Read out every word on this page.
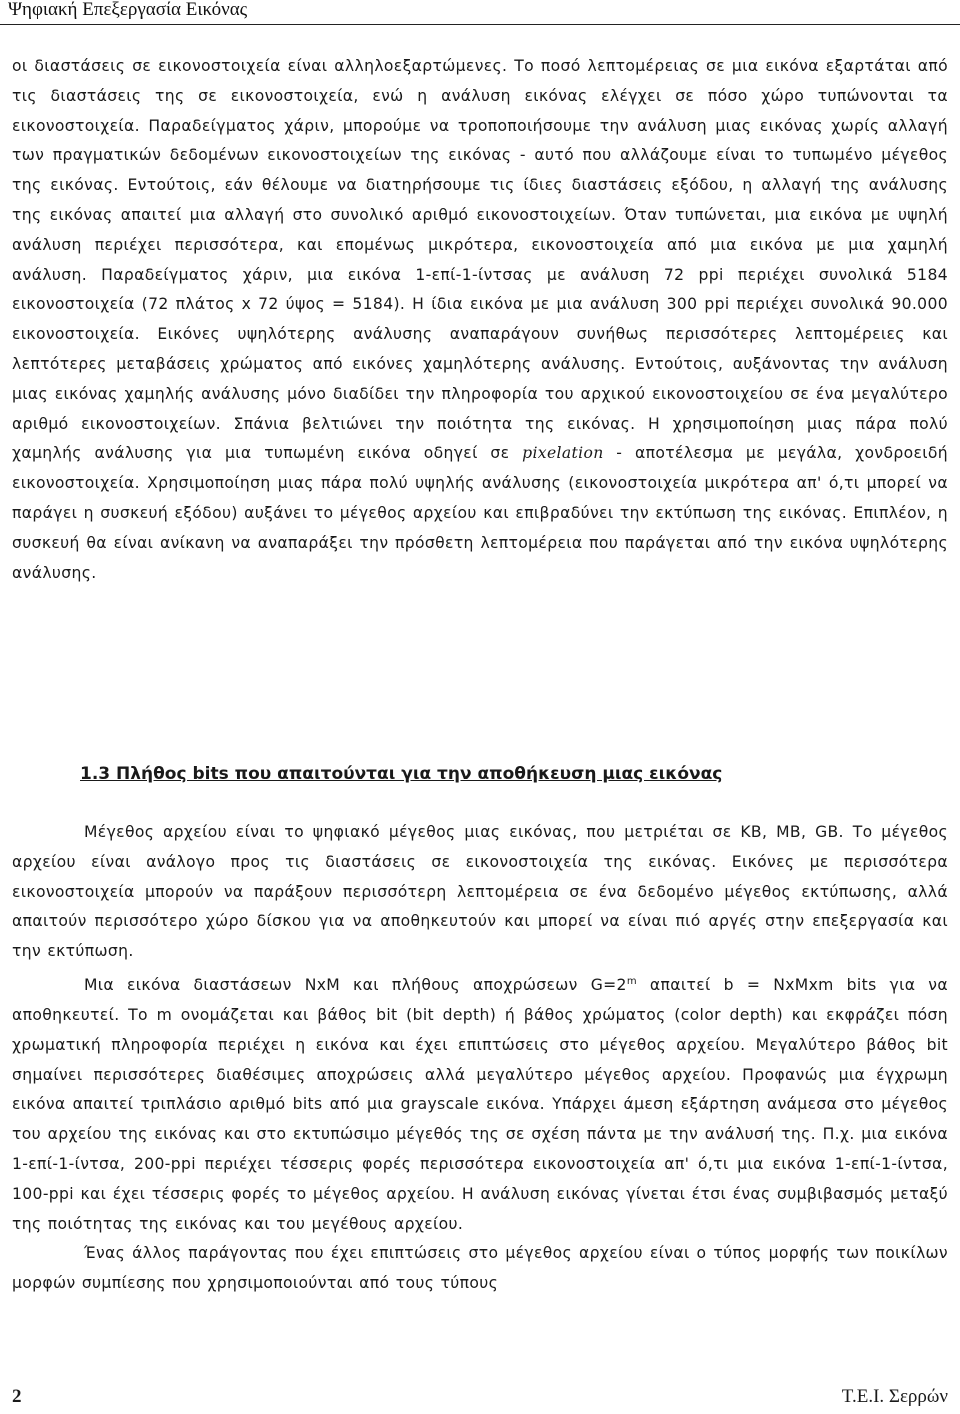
Ψηφιακή Επεξεργασία Εικόνας

οι διαστάσεις σε εικονοστοιχεία είναι αλληλοεξαρτώμενες. Το ποσό λεπτομέρειας σε μια εικόνα εξαρτάται από τις διαστάσεις της σε εικονοστοιχεία, ενώ η ανάλυση εικόνας ελέγχει σε πόσο χώρο τυπώνονται τα εικονοστοιχεία. Παραδείγματος χάριν, μπορούμε να τροποποιήσουμε την ανάλυση μιας εικόνας χωρίς αλλαγή των πραγματικών δεδομένων εικονοστοιχείων της εικόνας - αυτό που αλλάζουμε είναι το τυπωμένο μέγεθος της εικόνας. Εντούτοις, εάν θέλουμε να διατηρήσουμε τις ίδιες διαστάσεις εξόδου, η αλλαγή της ανάλυσης της εικόνας απαιτεί μια αλλαγή στο συνολικό αριθμό εικονοστοιχείων. Όταν τυπώνεται, μια εικόνα με υψηλή ανάλυση περιέχει περισσότερα, και επομένως μικρότερα, εικονοστοιχεία από μια εικόνα με μια χαμηλή ανάλυση. Παραδείγματος χάριν, μια εικόνα 1-επί-1-ίντσας με ανάλυση 72 ppi περιέχει συνολικά 5184 εικονοστοιχεία (72 πλάτος x 72 ύψος = 5184). Η ίδια εικόνα με μια ανάλυση 300 ppi περιέχει συνολικά 90.000 εικονοστοιχεία. Εικόνες υψηλότερης ανάλυσης αναπαράγουν συνήθως περισσότερες λεπτομέρειες και λεπτότερες μεταβάσεις χρώματος από εικόνες χαμηλότερης ανάλυσης. Εντούτοις, αυξάνοντας την ανάλυση μιας εικόνας χαμηλής ανάλυσης μόνο διαδίδει την πληροφορία του αρχικού εικονοστοιχείου σε ένα μεγαλύτερο αριθμό εικονοστοιχείων. Σπάνια βελτιώνει την ποιότητα της εικόνας. Η χρησιμοποίηση μιας πάρα πολύ χαμηλής ανάλυσης για μια τυπωμένη εικόνα οδηγεί σε pixelation - αποτέλεσμα με μεγάλα, χονδροειδή εικονοστοιχεία. Χρησιμοποίηση μιας πάρα πολύ υψηλής ανάλυσης (εικονοστοιχεία μικρότερα απ' ό,τι μπορεί να παράγει η συσκευή εξόδου) αυξάνει το μέγεθος αρχείου και επιβραδύνει την εκτύπωση της εικόνας. Επιπλέον, η συσκευή θα είναι ανίκανη να αναπαράξει την πρόσθετη λεπτομέρεια που παράγεται από την εικόνα υψηλότερης ανάλυσης.

1.3 Πλήθος bits που απαιτούνται για την αποθήκευση μιας εικόνας

Μέγεθος αρχείου είναι το ψηφιακό μέγεθος μιας εικόνας, που μετριέται σε KB, MB, GB. Το μέγεθος αρχείου είναι ανάλογο προς τις διαστάσεις σε εικονοστοιχεία της εικόνας. Εικόνες με περισσότερα εικονοστοιχεία μπορούν να παράξουν περισσότερη λεπτομέρεια σε ένα δεδομένο μέγεθος εκτύπωσης, αλλά απαιτούν περισσότερο χώρο δίσκου για να αποθηκευτούν και μπορεί να είναι πιό αργές στην επεξεργασία και την εκτύπωση.

Μια εικόνα διαστάσεων NxM και πλήθους αποχρώσεων $G=2^m$ απαιτεί b = NxMxm bits για να αποθηκευτεί. Το m ονομάζεται και βάθος bit (bit depth) ή βάθος χρώματος (color depth) και εκφράζει πόση χρωματική πληροφορία περιέχει η εικόνα και έχει επιπτώσεις στο μέγεθος αρχείου. Μεγαλύτερο βάθος bit σημαίνει περισσότερες διαθέσιμες αποχρώσεις αλλά μεγαλύτερο μέγεθος αρχείου. Προφανώς μια έγχρωμη εικόνα απαιτεί τριπλάσιο αριθμό bits από μια grayscale εικόνα. Υπάρχει άμεση εξάρτηση ανάμεσα στο μέγεθος του αρχείου της εικόνας και στο εκτυπώσιμο μέγεθός της σε σχέση πάντα με την ανάλυσή της. Π.χ. μια εικόνα 1-επί-1-ίντσα, 200-ppi περιέχει τέσσερις φορές περισσότερα εικονοστοιχεία απ' ό,τι μια εικόνα 1-επί-1-ίντσα, 100-ppi και έχει τέσσερις φορές το μέγεθος αρχείου. Η ανάλυση εικόνας γίνεται έτσι ένας συμβιβασμός μεταξύ της ποιότητας της εικόνας και του μεγέθους αρχείου.

Ένας άλλος παράγοντας που έχει επιπτώσεις στο μέγεθος αρχείου είναι ο τύπος μορφής των ποικίλων μορφών συμπίεσης που χρησιμοποιούνται από τους τύπους

2	Τ.Ε.Ι. Σερρών
